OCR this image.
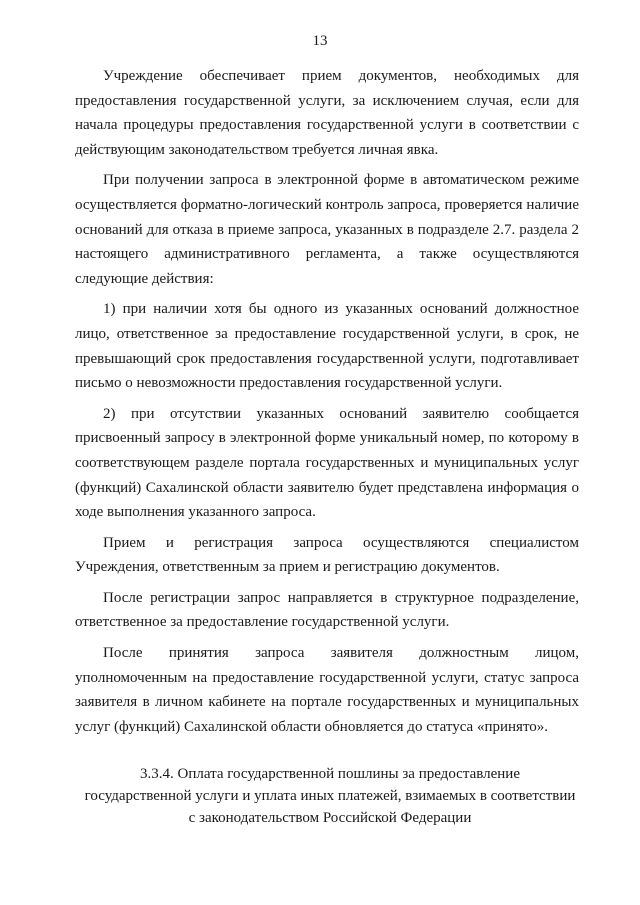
13

Учреждение обеспечивает прием документов, необходимых для предоставления государственной услуги, за исключением случая, если для начала процедуры предоставления государственной услуги в соответствии с действующим законодательством требуется личная явка.

При получении запроса в электронной форме в автоматическом режиме осуществляется форматно-логический контроль запроса, проверяется наличие оснований для отказа в приеме запроса, указанных в подразделе 2.7. раздела 2 настоящего административного регламента, а также осуществляются следующие действия:

1) при наличии хотя бы одного из указанных оснований должностное лицо, ответственное за предоставление государственной услуги, в срок, не превышающий срок предоставления государственной услуги, подготавливает письмо о невозможности предоставления государственной услуги.

2) при отсутствии указанных оснований заявителю сообщается присвоенный запросу в электронной форме уникальный номер, по которому в соответствующем разделе портала государственных и муниципальных услуг (функций) Сахалинской области заявителю будет представлена информация о ходе выполнения указанного запроса.

Прием и регистрация запроса осуществляются специалистом Учреждения, ответственным за прием и регистрацию документов.

После регистрации запрос направляется в структурное подразделение, ответственное за предоставление государственной услуги.

После принятия запроса заявителя должностным лицом, уполномоченным на предоставление государственной услуги, статус запроса заявителя в личном кабинете на портале государственных и муниципальных услуг (функций) Сахалинской области обновляется до статуса «принято».

3.3.4. Оплата государственной пошлины за предоставление
государственной услуги и уплата иных платежей, взимаемых в соответствии
с законодательством Российской Федерации
